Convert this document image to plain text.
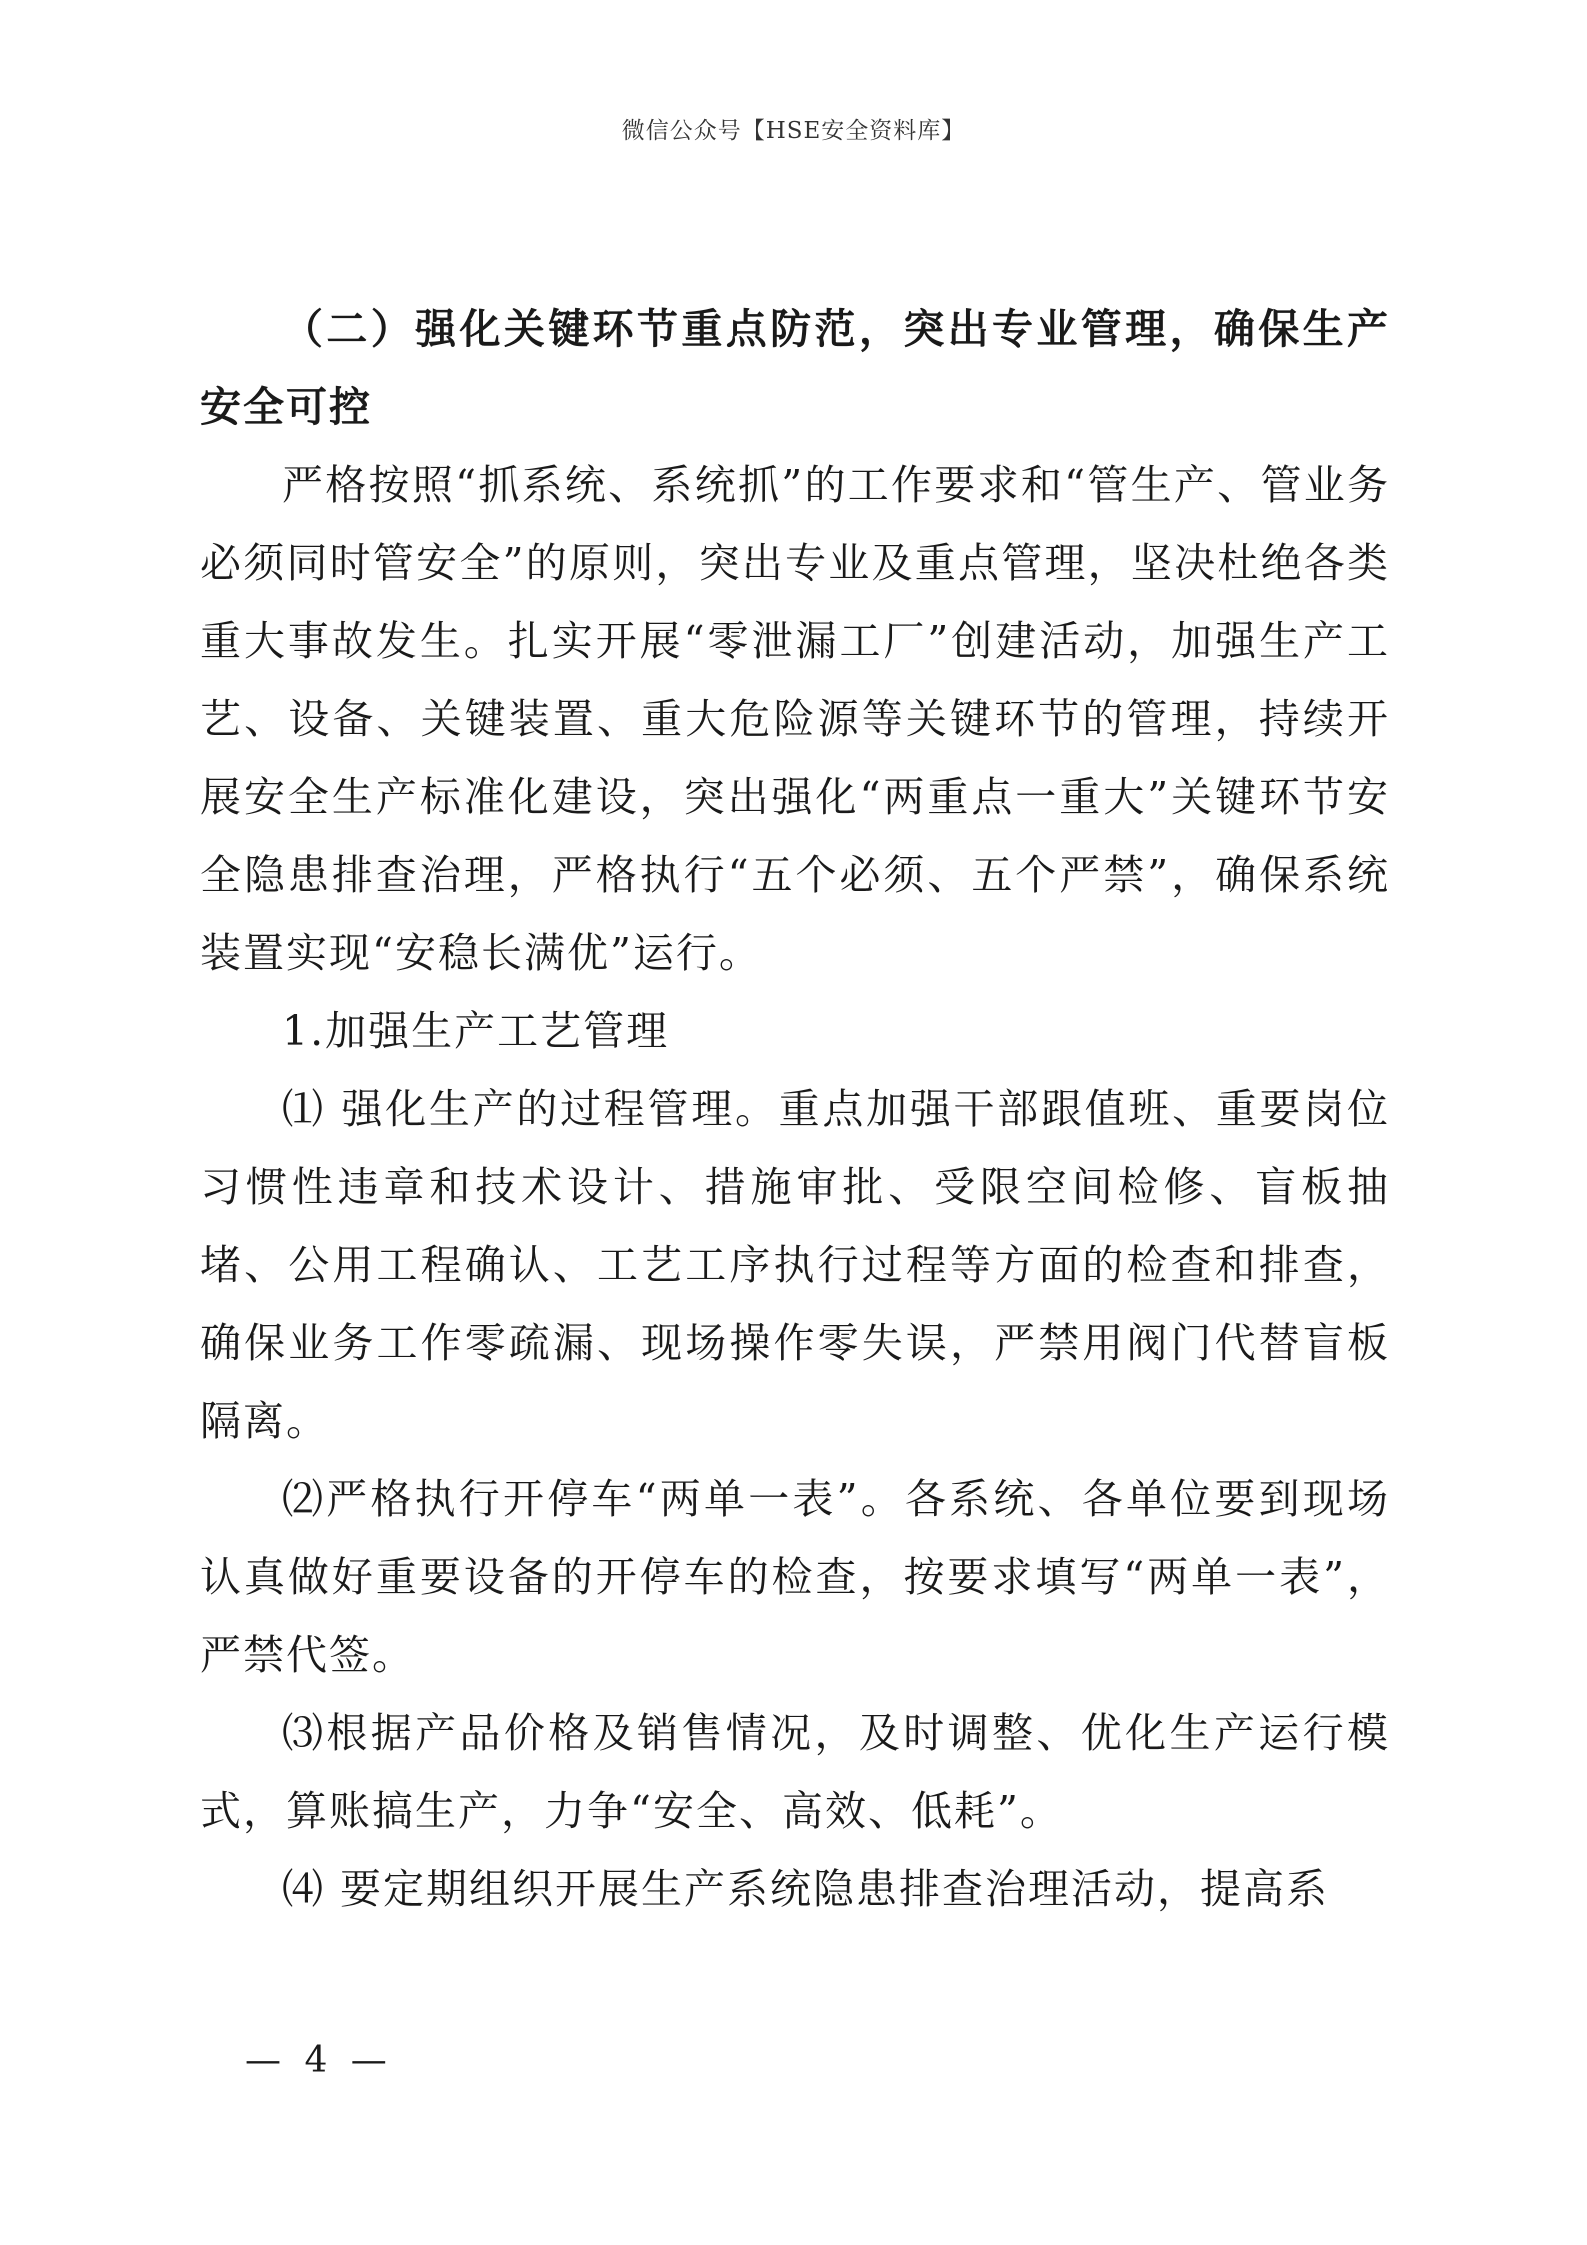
微信公众号【HSE安全资料库】

（二）强化关键环节重点防范，突出专业管理，确保生产安全可控

严格按照“抓系统、系统抓”的工作要求和“管生产、管业务必须同时管安全”的原则，突出专业及重点管理，坚决杜绝各类重大事故发生。扎实开展“零泄漏工厂”创建活动，加强生产工艺、设备、关键装置、重大危险源等关键环节的管理，持续开展安全生产标准化建设，突出强化“两重点一重大”关键环节安全隐患排查治理，严格执行“五个必须、五个严禁”，确保系统装置实现“安稳长满优”运行。

1.加强生产工艺管理

⑴ 强化生产的过程管理。重点加强干部跟值班、重要岗位习惯性违章和技术设计、措施审批、受限空间检修、盲板抽堵、公用工程确认、工艺工序执行过程等方面的检查和排查，确保业务工作零疏漏、现场操作零失误，严禁用阀门代替盲板隔离。

⑵严格执行开停车“两单一表”。各系统、各单位要到现场认真做好重要设备的开停车的检查，按要求填写“两单一表”，严禁代签。

⑶根据产品价格及销售情况，及时调整、优化生产运行模式，算账搞生产，力争“安全、高效、低耗”。

⑷ 要定期组织开展生产系统隐患排查治理活动，提高系

— 4 —
